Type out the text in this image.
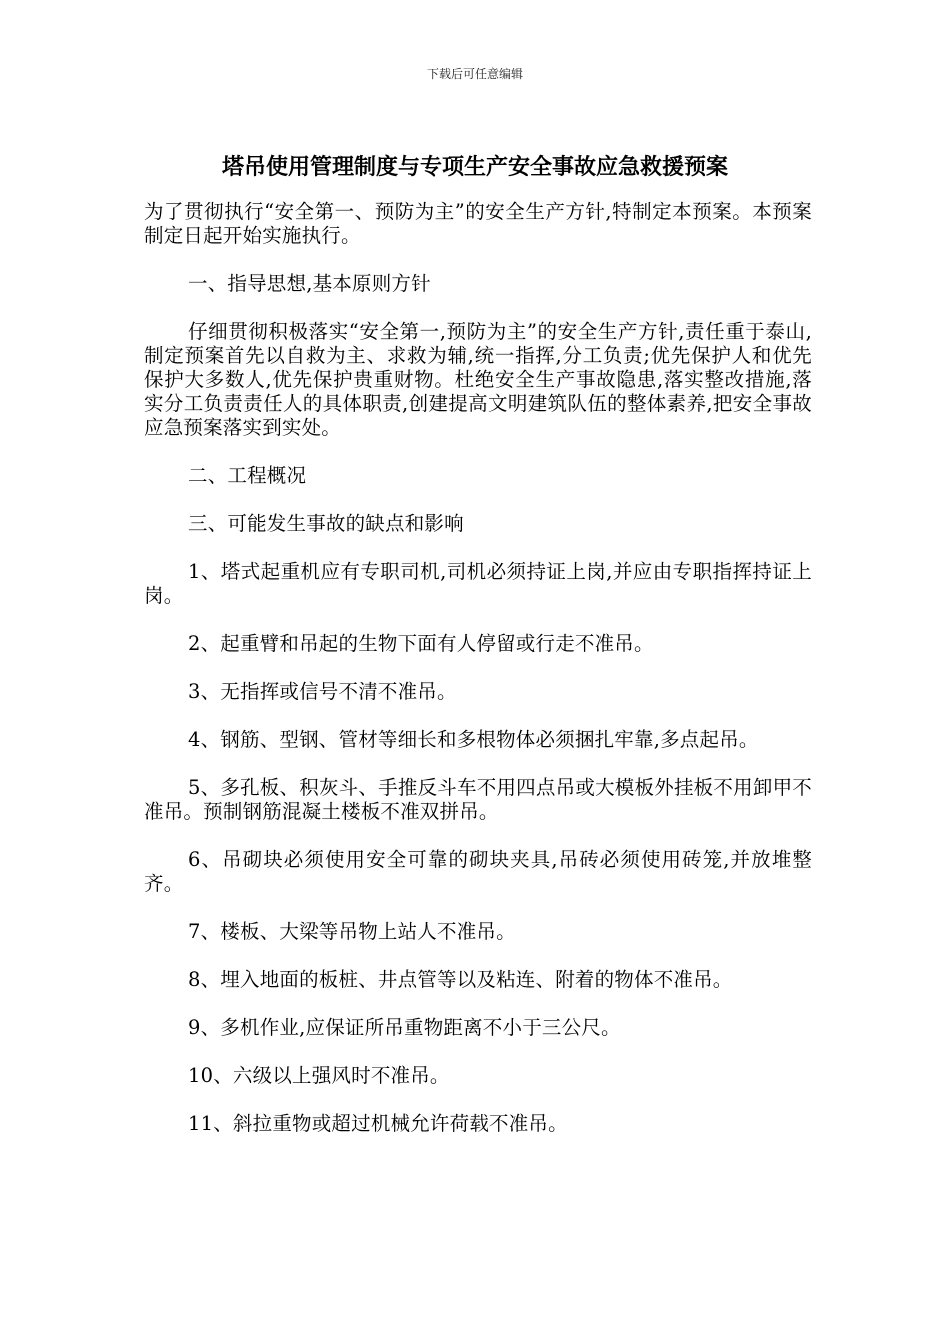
下载后可任意编辑
塔吊使用管理制度与专项生产安全事故应急救援预案

为了贯彻执行“安全第一、预防为主”的安全生产方针,特制定本预案。本预案制定日起开始实施执行。

一、指导思想,基本原则方针

仔细贯彻积极落实“安全第一,预防为主”的安全生产方针,责任重于泰山,制定预案首先以自救为主、求救为辅,统一指挥,分工负责;优先保护人和优先保护大多数人,优先保护贵重财物。杜绝安全生产事故隐患,落实整改措施,落实分工负责责任人的具体职责,创建提高文明建筑队伍的整体素养,把安全事故应急预案落实到实处。

二、工程概况

三、可能发生事故的缺点和影响

1、塔式起重机应有专职司机,司机必须持证上岗,并应由专职指挥持证上岗。

2、起重臂和吊起的生物下面有人停留或行走不准吊。

3、无指挥或信号不清不准吊。

4、钢筋、型钢、管材等细长和多根物体必须捆扎牢靠,多点起吊。

5、多孔板、积灰斗、手推反斗车不用四点吊或大模板外挂板不用卸甲不准吊。预制钢筋混凝土楼板不准双拼吊。

6、吊砌块必须使用安全可靠的砌块夹具,吊砖必须使用砖笼,并放堆整齐。

7、楼板、大梁等吊物上站人不准吊。

8、埋入地面的板桩、井点管等以及粘连、附着的物体不准吊。

9、多机作业,应保证所吊重物距离不小于三公尺。

10、六级以上强风时不准吊。

11、斜拉重物或超过机械允许荷载不准吊。
